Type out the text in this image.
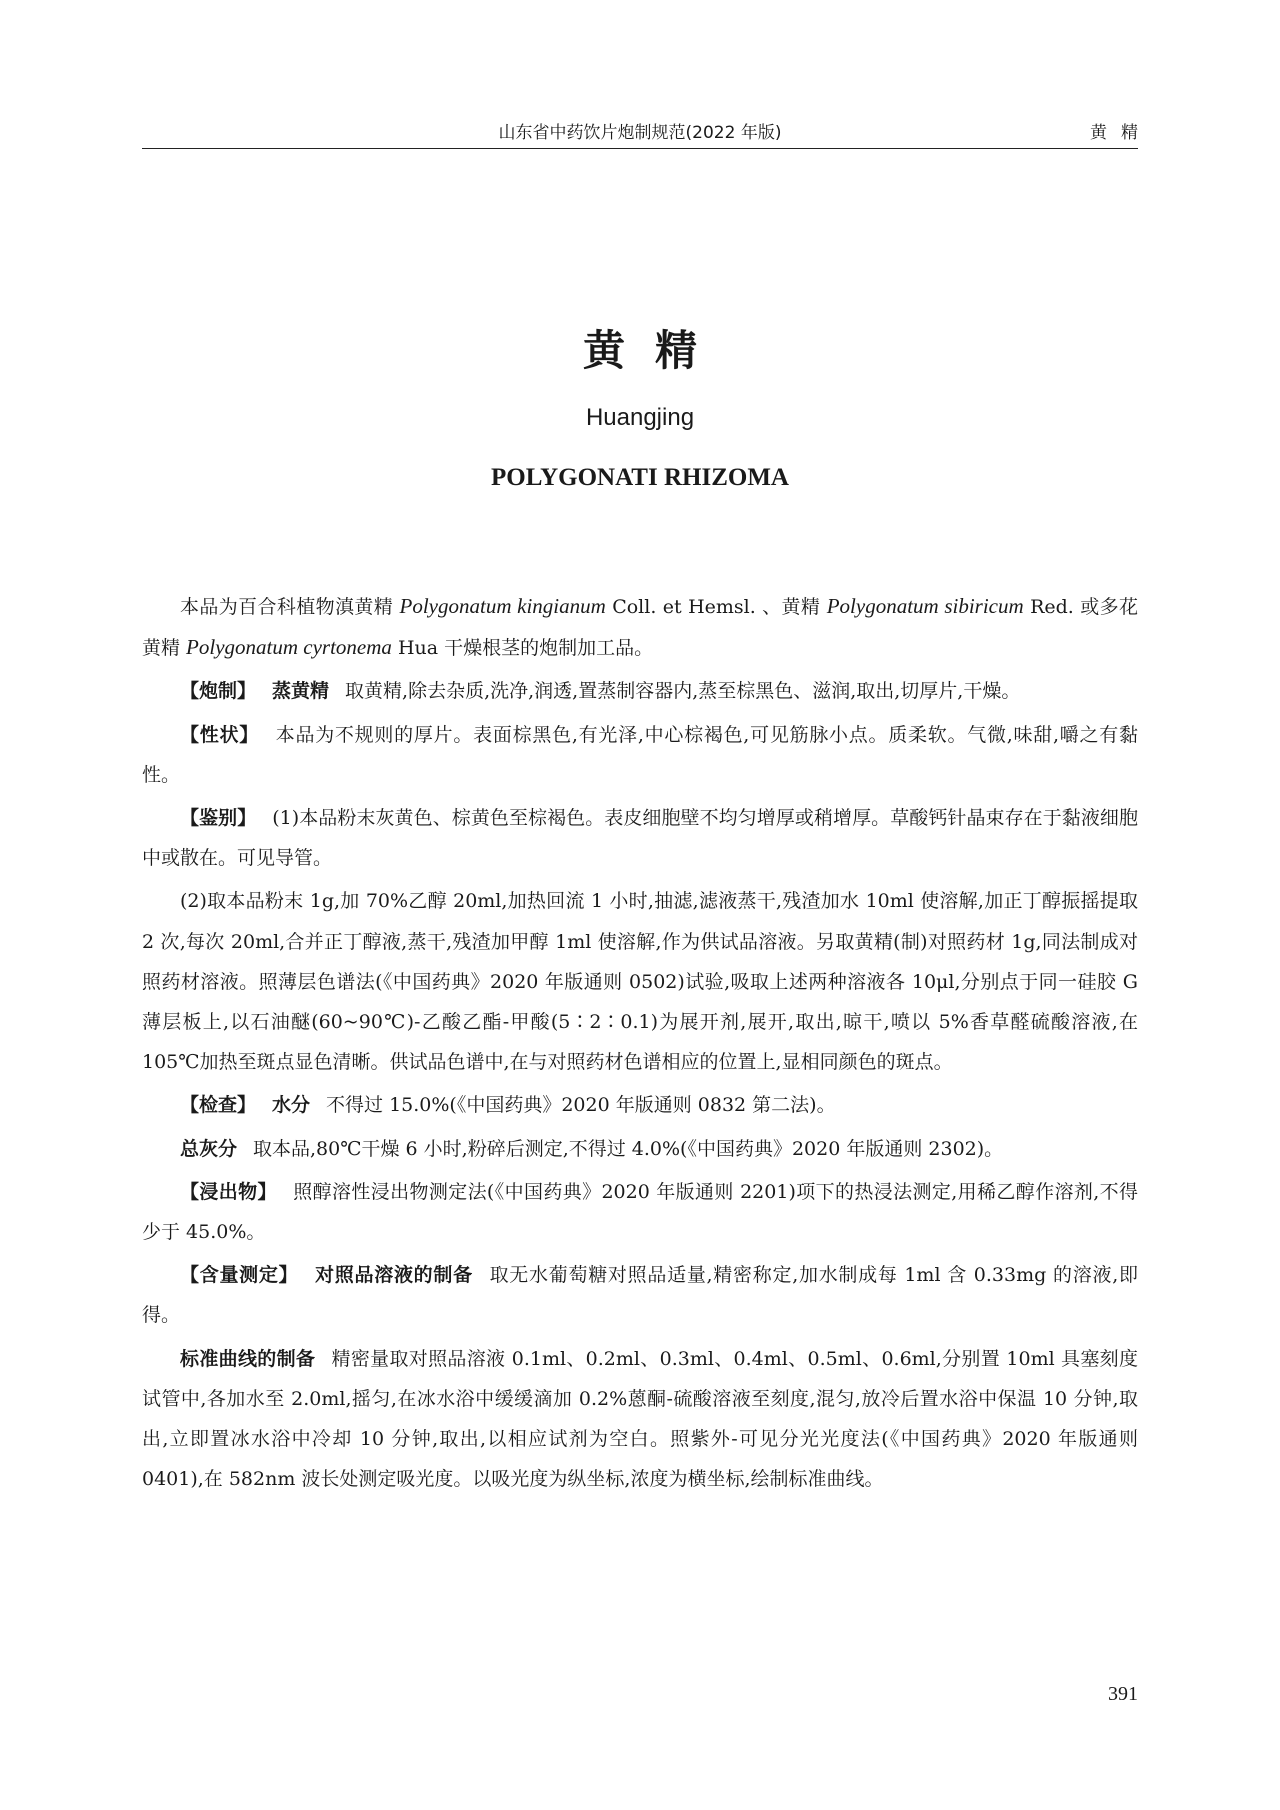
山东省中药饮片炮制规范(2022 年版)	黄精
黄精
Huangjing
POLYGONATI RHIZOMA

本品为百合科植物滇黄精 Polygonatum kingianum Coll. et Hemsl. 、黄精 Polygonatum sibiricum Red. 或多花黄精 Polygonatum cyrtonema Hua 干燥根茎的炮制加工品。

【炮制】 蒸黄精 取黄精,除去杂质,洗净,润透,置蒸制容器内,蒸至棕黑色、滋润,取出,切厚片,干燥。

【性状】 本品为不规则的厚片。表面棕黑色,有光泽,中心棕褐色,可见筋脉小点。质柔软。气微,味甜,嚼之有黏性。

【鉴别】 (1)本品粉末灰黄色、棕黄色至棕褐色。表皮细胞壁不均匀增厚或稍增厚。草酸钙针晶束存在于黏液细胞中或散在。可见导管。

(2)取本品粉末 1g,加 70%乙醇 20ml,加热回流 1 小时,抽滤,滤液蒸干,残渣加水 10ml 使溶解,加正丁醇振摇提取 2 次,每次 20ml,合并正丁醇液,蒸干,残渣加甲醇 1ml 使溶解,作为供试品溶液。另取黄精(制)对照药材 1g,同法制成对照药材溶液。照薄层色谱法(《中国药典》2020 年版通则 0502)试验,吸取上述两种溶液各 10μl,分别点于同一硅胶 G 薄层板上,以石油醚(60~90℃)-乙酸乙酯-甲酸(5∶2∶0.1)为展开剂,展开,取出,晾干,喷以 5%香草醛硫酸溶液,在 105℃加热至斑点显色清晰。供试品色谱中,在与对照药材色谱相应的位置上,显相同颜色的斑点。

【检查】 水分 不得过 15.0%(《中国药典》2020 年版通则 0832 第二法)。

总灰分 取本品,80℃干燥 6 小时,粉碎后测定,不得过 4.0%(《中国药典》2020 年版通则 2302)。

【浸出物】 照醇溶性浸出物测定法(《中国药典》2020 年版通则 2201)项下的热浸法测定,用稀乙醇作溶剂,不得少于 45.0%。

【含量测定】 对照品溶液的制备 取无水葡萄糖对照品适量,精密称定,加水制成每 1ml 含 0.33mg 的溶液,即得。

标准曲线的制备 精密量取对照品溶液 0.1ml、0.2ml、0.3ml、0.4ml、0.5ml、0.6ml,分别置 10ml 具塞刻度试管中,各加水至 2.0ml,摇匀,在冰水浴中缓缓滴加 0.2%蒽酮-硫酸溶液至刻度,混匀,放冷后置水浴中保温 10 分钟,取出,立即置冰水浴中冷却 10 分钟,取出,以相应试剂为空白。照紫外-可见分光光度法(《中国药典》2020 年版通则 0401),在 582nm 波长处测定吸光度。以吸光度为纵坐标,浓度为横坐标,绘制标准曲线。

391
